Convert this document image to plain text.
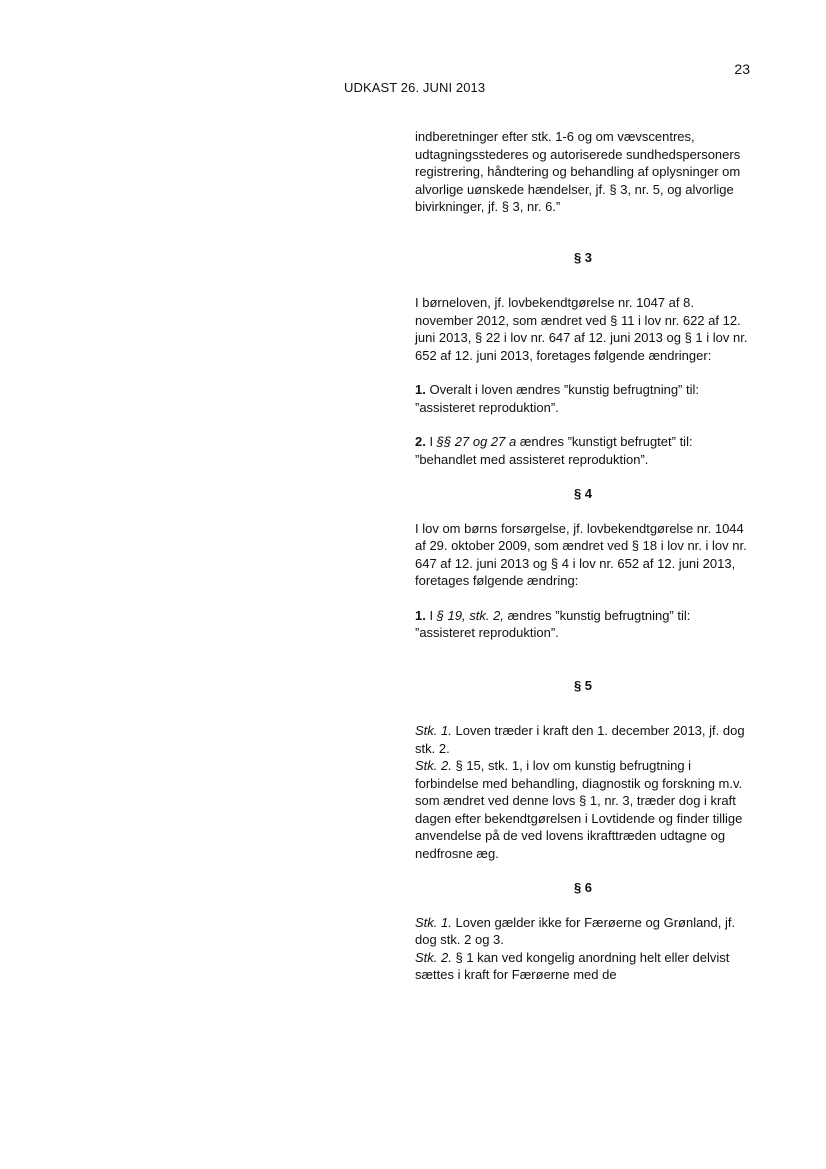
23
UDKAST 26. JUNI 2013

indberetninger efter stk. 1-6 og om vævscentres, udtagningsstederes og autoriserede sundhedspersoners registrering, håndtering og behandling af oplysninger om alvorlige uønskede hændelser, jf. § 3, nr. 5, og alvorlige bivirkninger, jf. § 3, nr. 6.”

§ 3

I børneloven, jf. lovbekendtgørelse nr. 1047 af 8. november 2012, som ændret ved § 11 i lov nr. 622 af 12. juni 2013, § 22 i lov nr. 647 af 12. juni 2013 og § 1 i lov nr. 652 af 12. juni 2013, foretages følgende ændringer:

1. Overalt i loven ændres ”kunstig befrugtning” til: ”assisteret reproduktion”.

2. I §§ 27 og 27 a ændres ”kunstigt befrugtet” til: ”behandlet med assisteret reproduktion”.

§ 4

I lov om børns forsørgelse, jf. lovbekendtgørelse nr. 1044 af 29. oktober 2009, som ændret ved § 18 i lov nr. i lov nr. 647 af 12. juni 2013 og § 4 i lov nr. 652 af 12. juni 2013, foretages følgende ændring:

1. I § 19, stk. 2, ændres ”kunstig befrugtning” til: ”assisteret reproduktion”.

§ 5

Stk. 1. Loven træder i kraft den 1. december 2013, jf. dog stk. 2.

Stk. 2. § 15, stk. 1, i lov om kunstig befrugtning i forbindelse med behandling, diagnostik og forskning m.v. som ændret ved denne lovs § 1, nr. 3, træder dog i kraft dagen efter bekendtgørelsen i Lovtidende og finder tillige anvendelse på de ved lovens ikrafttræden udtagne og nedfrosne æg.

§ 6

Stk. 1. Loven gælder ikke for Færøerne og Grønland, jf. dog stk. 2 og 3.

Stk. 2. § 1 kan ved kongelig anordning helt eller delvist sættes i kraft for Færøerne med de
